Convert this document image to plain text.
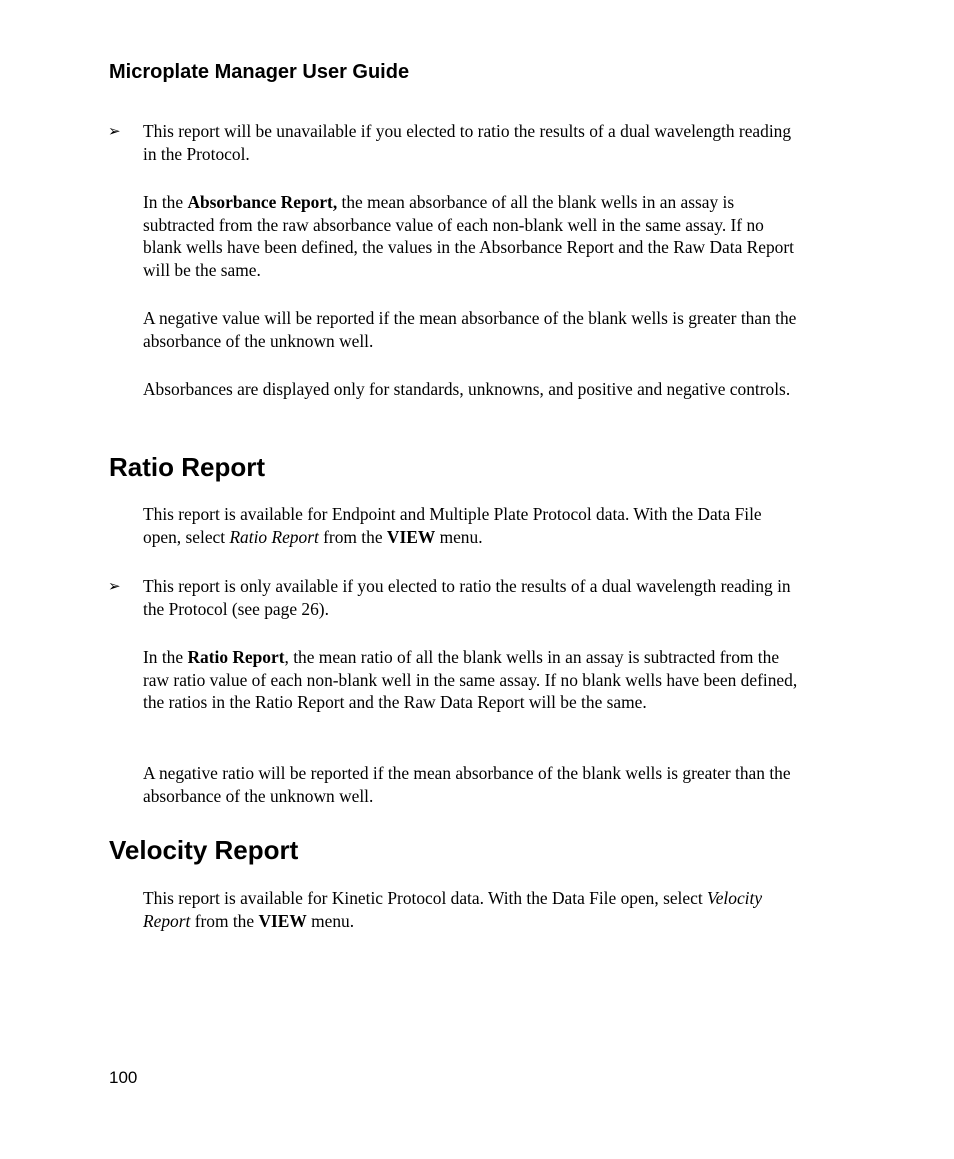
Microplate Manager User Guide
➢ This report will be unavailable if you elected to ratio the results of a dual wavelength reading in the Protocol.

In the Absorbance Report, the mean absorbance of all the blank wells in an assay is subtracted from the raw absorbance value of each non-blank well in the same assay. If no blank wells have been defined, the values in the Absorbance Report and the Raw Data Report will be the same.

A negative value will be reported if the mean absorbance of the blank wells is greater than the absorbance of the unknown well.

Absorbances are displayed only for standards, unknowns, and positive and negative controls.

Ratio Report

This report is available for Endpoint and Multiple Plate Protocol data. With the Data File open, select Ratio Report from the VIEW menu.

➢ This report is only available if you elected to ratio the results of a dual wavelength reading in the Protocol (see page 26).

In the Ratio Report, the mean ratio of all the blank wells in an assay is subtracted from the raw ratio value of each non-blank well in the same assay. If no blank wells have been defined, the ratios in the Ratio Report and the Raw Data Report will be the same.

A negative ratio will be reported if the mean absorbance of the blank wells is greater than the absorbance of the unknown well.

Velocity Report

This report is available for Kinetic Protocol data. With the Data File open, select Velocity Report from the VIEW menu.

100
